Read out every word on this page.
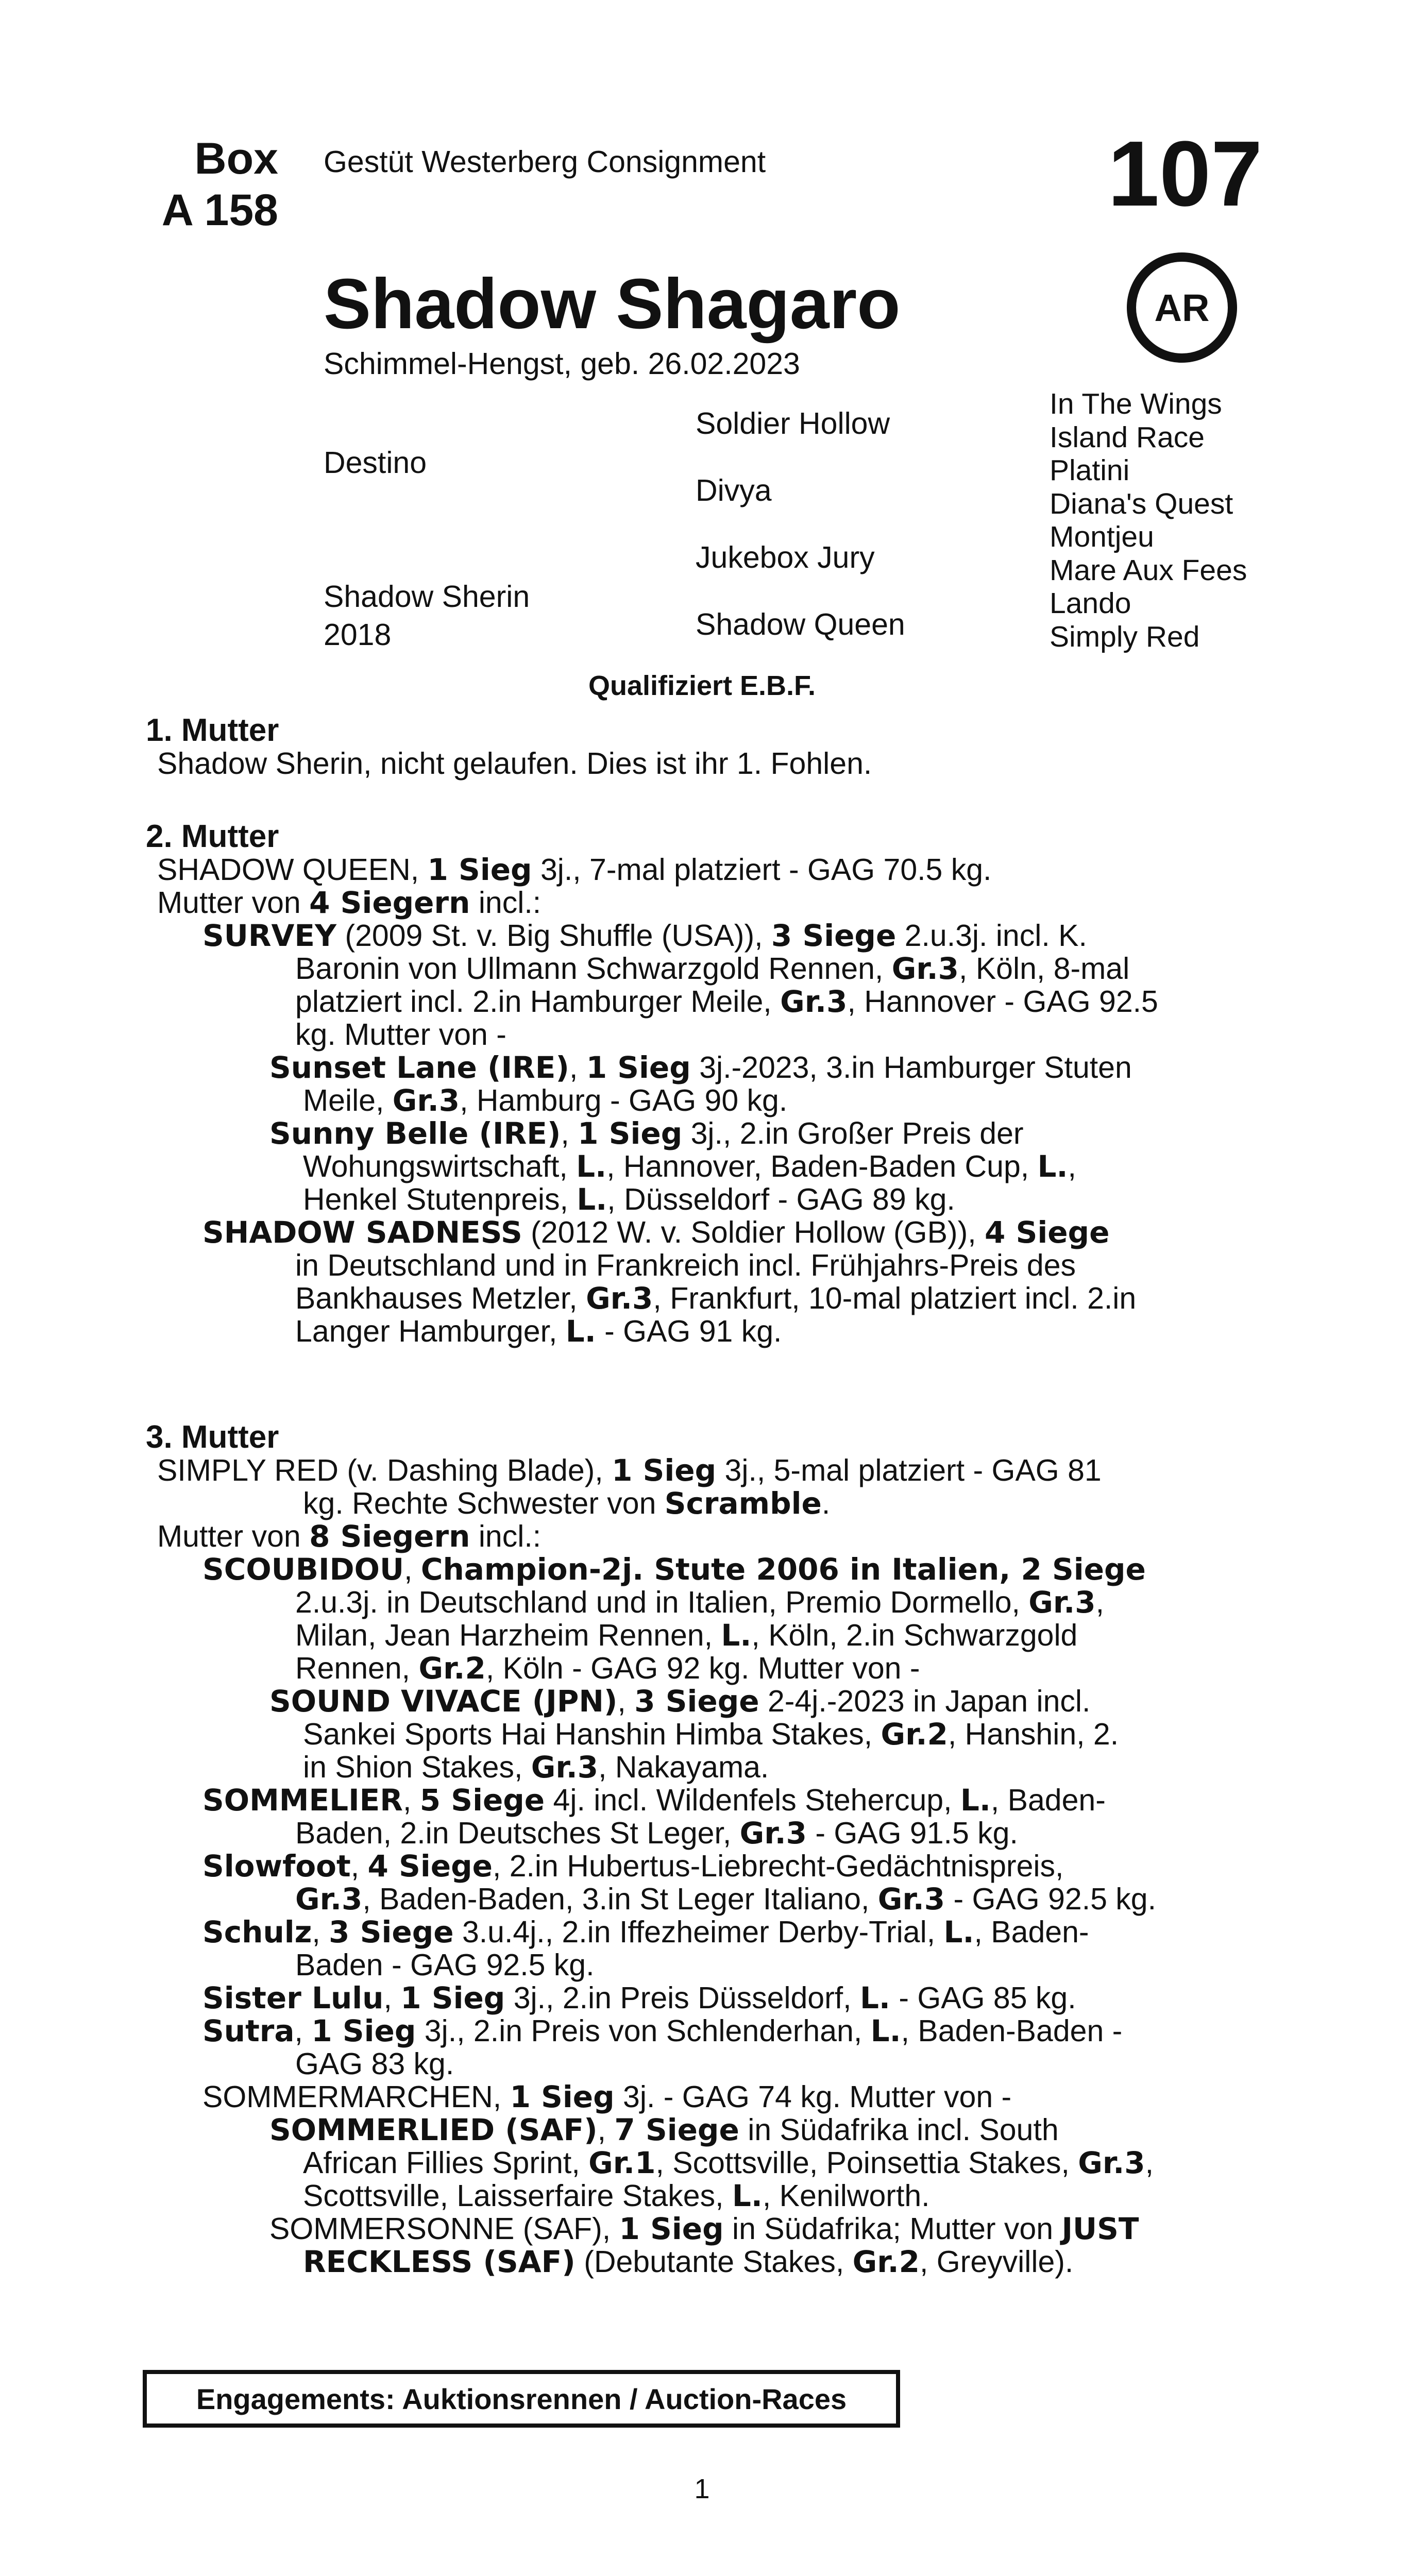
Box
A 158
Gestüt Westerberg Consignment	107
Shadow Shagaro	AR
Schimmel-Hengst, geb. 26.02.2023
Destino
Shadow Sherin
2018
Soldier Hollow
Divya
Jukebox Jury
Shadow Queen
In The Wings
Island Race
Platini
Diana's Quest
Montjeu
Mare Aux Fees
Lando
Simply Red
Qualifiziert E.B.F.
1. Mutter
Shadow Sherin, nicht gelaufen. Dies ist ihr 1. Fohlen.
2. Mutter
SHADOW QUEEN, 1 Sieg 3j., 7-mal platziert - GAG 70.5 kg.
Mutter von 4 Siegern incl.:
SURVEY (2009 St. v. Big Shuffle (USA)), 3 Siege 2.u.3j. incl. K.
Baronin von Ullmann Schwarzgold Rennen, Gr.3, Köln, 8-mal
platziert incl. 2.in Hamburger Meile, Gr.3, Hannover - GAG 92.5
kg. Mutter von -
Sunset Lane (IRE), 1 Sieg 3j.-2023, 3.in Hamburger Stuten
Meile, Gr.3, Hamburg - GAG 90 kg.
Sunny Belle (IRE), 1 Sieg 3j., 2.in Großer Preis der
Wohungswirtschaft, L., Hannover, Baden-Baden Cup, L.,
Henkel Stutenpreis, L., Düsseldorf - GAG 89 kg.
SHADOW SADNESS (2012 W. v. Soldier Hollow (GB)), 4 Siege
in Deutschland und in Frankreich incl. Frühjahrs-Preis des
Bankhauses Metzler, Gr.3, Frankfurt, 10-mal platziert incl. 2.in
Langer Hamburger, L. - GAG 91 kg.
3. Mutter
SIMPLY RED (v. Dashing Blade), 1 Sieg 3j., 5-mal platziert - GAG 81
kg. Rechte Schwester von Scramble.
Mutter von 8 Siegern incl.:
SCOUBIDOU, Champion-2j. Stute 2006 in Italien, 2 Siege
2.u.3j. in Deutschland und in Italien, Premio Dormello, Gr.3,
Milan, Jean Harzheim Rennen, L., Köln, 2.in Schwarzgold
Rennen, Gr.2, Köln - GAG 92 kg. Mutter von -
SOUND VIVACE (JPN), 3 Siege 2-4j.-2023 in Japan incl.
Sankei Sports Hai Hanshin Himba Stakes, Gr.2, Hanshin, 2.
in Shion Stakes, Gr.3, Nakayama.
SOMMELIER, 5 Siege 4j. incl. Wildenfels Stehercup, L., Baden-
Baden, 2.in Deutsches St Leger, Gr.3 - GAG 91.5 kg.
Slowfoot, 4 Siege, 2.in Hubertus-Liebrecht-Gedächtnispreis,
Gr.3, Baden-Baden, 3.in St Leger Italiano, Gr.3 - GAG 92.5 kg.
Schulz, 3 Siege 3.u.4j., 2.in Iffezheimer Derby-Trial, L., Baden-
Baden - GAG 92.5 kg.
Sister Lulu, 1 Sieg 3j., 2.in Preis Düsseldorf, L. - GAG 85 kg.
Sutra, 1 Sieg 3j., 2.in Preis von Schlenderhan, L., Baden-Baden -
GAG 83 kg.
SOMMERMARCHEN, 1 Sieg 3j. - GAG 74 kg. Mutter von -
SOMMERLIED (SAF), 7 Siege in Südafrika incl. South
African Fillies Sprint, Gr.1, Scottsville, Poinsettia Stakes, Gr.3,
Scottsville, Laisserfaire Stakes, L., Kenilworth.
SOMMERSONNE (SAF), 1 Sieg in Südafrika; Mutter von JUST
RECKLESS (SAF) (Debutante Stakes, Gr.2, Greyville).
Engagements: Auktionsrennen / Auction-Races
1
